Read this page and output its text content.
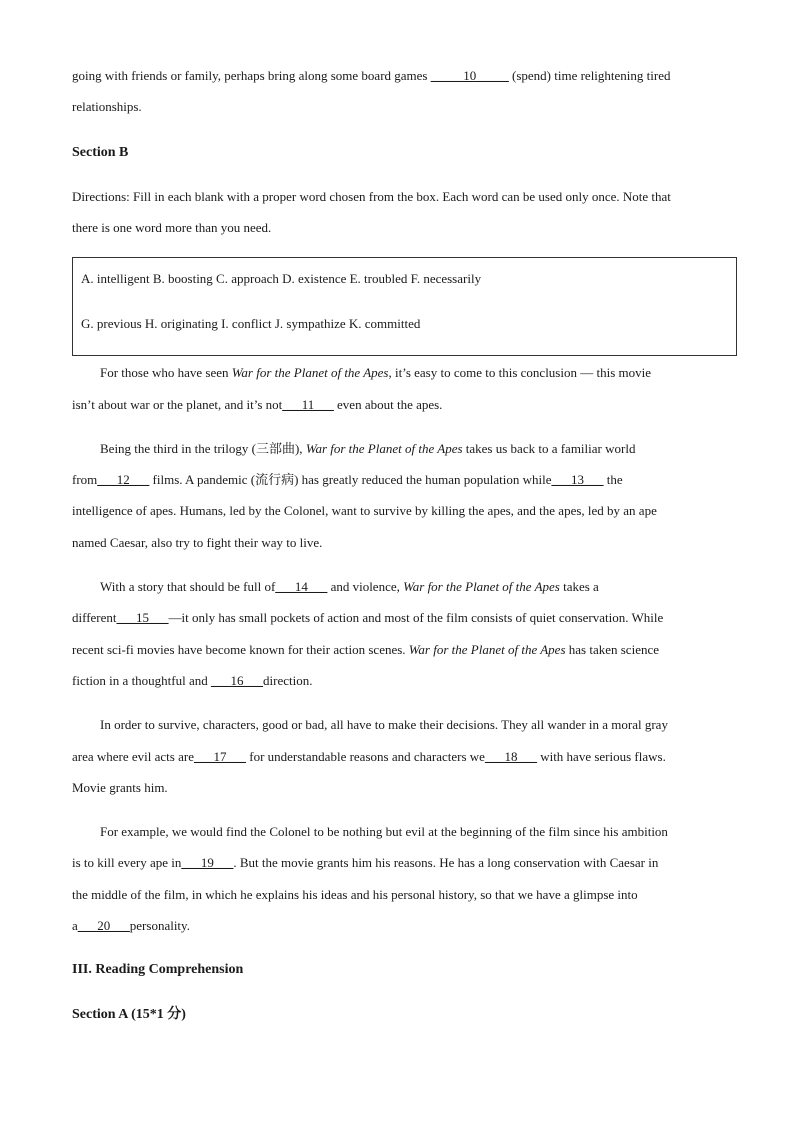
going with friends or family, perhaps bring along some board games _____10_____ (spend) time relightening tired
relationships.
Section B
Directions: Fill in each blank with a proper word chosen from the box. Each word can be used only once. Note that
there is one word more than you need.
A. intelligent B. boosting C. approach D. existence E. troubled F. necessarily
G. previous H. originating I. conflict J. sympathize K. committed
For those who have seen War for the Planet of the Apes, it’s easy to come to this conclusion — this movie
isn’t about war or the planet, and it’s not___11___ even about the apes.
Being the third in the trilogy (三部曲), War for the Planet of the Apes takes us back to a familiar world
from___12___ films. A pandemic (流行病) has greatly reduced the human population while___13___ the
intelligence of apes. Humans, led by the Colonel, want to survive by killing the apes, and the apes, led by an ape
named Caesar, also try to fight their way to live.
With a story that should be full of___14___ and violence, War for the Planet of the Apes takes a
different___15___—it only has small pockets of action and most of the film consists of quiet conservation. While
recent sci-fi movies have become known for their action scenes. War for the Planet of the Apes has taken science
fiction in a thoughtful and ___16___direction.
In order to survive, characters, good or bad, all have to make their decisions. They all wander in a moral gray
area where evil acts are___17___ for understandable reasons and characters we___18___ with have serious flaws.
Movie grants him.
For example, we would find the Colonel to be nothing but evil at the beginning of the film since his ambition
is to kill every ape in___19___. But the movie grants him his reasons. He has a long conservation with Caesar in
the middle of the film, in which he explains his ideas and his personal history, so that we have a glimpse into
a___20___personality.
III. Reading Comprehension
Section A (15*1 分)
